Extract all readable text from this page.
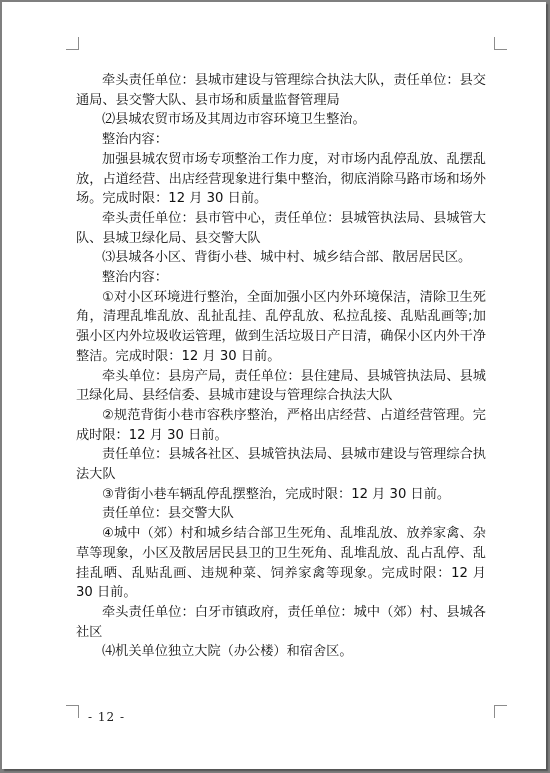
牵头责任单位：县城市建设与管理综合执法大队，责任单位：县交通局、县交警大队、县市场和质量监督管理局

⑵县城农贸市场及其周边市容环境卫生整治。

整治内容：

加强县城农贸市场专项整治工作力度，对市场内乱停乱放、乱摆乱放，占道经营、出店经营现象进行集中整治，彻底消除马路市场和场外场。完成时限：12 月 30 日前。

牵头责任单位：县市管中心，责任单位：县城管执法局、县城管大队、县城卫绿化局、县交警大队

⑶县城各小区、背街小巷、城中村、城乡结合部、散居居民区。

整治内容：

①对小区环境进行整治，全面加强小区内外环境保洁，清除卫生死角，清理乱堆乱放、乱扯乱挂、乱停乱放、私拉乱接、乱贴乱画等;加强小区内外垃圾收运管理，做到生活垃圾日产日清，确保小区内外干净整洁。完成时限：12 月 30 日前。

牵头单位：县房产局，责任单位：县住建局、县城管执法局、县城卫绿化局、县经信委、县城市建设与管理综合执法大队

②规范背街小巷市容秩序整治，严格出店经营、占道经营管理。完成时限：12 月 30 日前。

责任单位：县城各社区、县城管执法局、县城市建设与管理综合执法大队

③背街小巷车辆乱停乱摆整治，完成时限：12 月 30 日前。

责任单位：县交警大队

④城中（郊）村和城乡结合部卫生死角、乱堆乱放、放养家禽、杂草等现象，小区及散居居民县卫的卫生死角、乱堆乱放、乱占乱停、乱挂乱晒、乱贴乱画、违规种菜、饲养家禽等现象。完成时限：12 月 30 日前。

牵头责任单位：白牙市镇政府，责任单位：城中（郊）村、县城各社区

⑷机关单位独立大院（办公楼）和宿舍区。

- 12 -
